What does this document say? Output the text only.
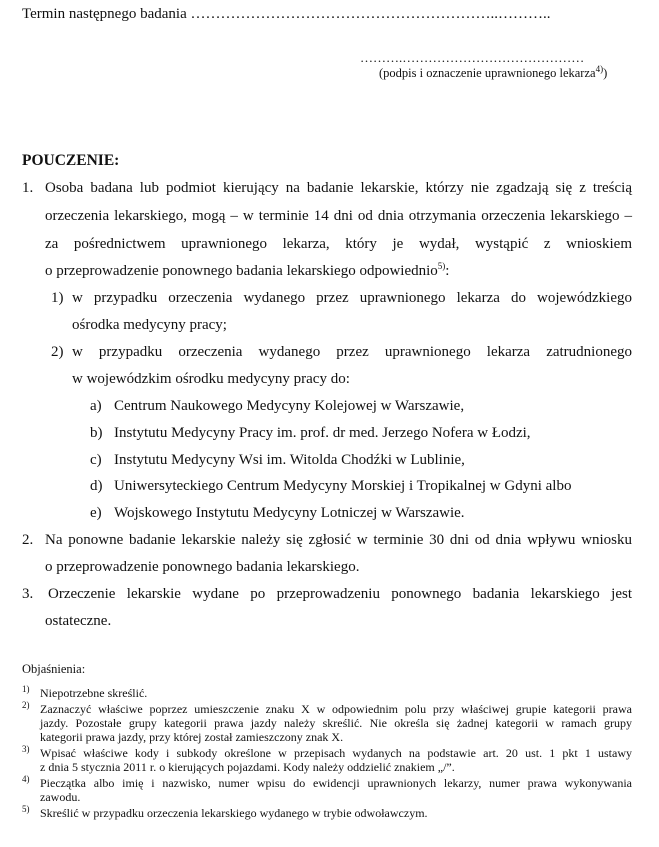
Termin następnego badania ……………………………………………………..………..
……….……………………………………
(podpis i oznaczenie uprawnionego lekarza$^{4)}$)
POUCZENIE:
1. Osoba badana lub podmiot kierujący na badanie lekarskie, którzy nie zgadzają się z treścią
orzeczenia lekarskiego, mogą – w terminie 14 dni od dnia otrzymania orzeczenia lekarskiego –
za pośrednictwem uprawnionego lekarza, który je wydał, wystąpić z wnioskiem
o przeprowadzenie ponownego badania lekarskiego odpowiednio$^{5)}$:
1) w przypadku orzeczenia wydanego przez uprawnionego lekarza do wojewódzkiego
ośrodka medycyny pracy;
2) w przypadku orzeczenia wydanego przez uprawnionego lekarza zatrudnionego
w wojewódzkim ośrodku medycyny pracy do:
a) Centrum Naukowego Medycyny Kolejowej w Warszawie,
b) Instytutu Medycyny Pracy im. prof. dr med. Jerzego Nofera w Łodzi,
c) Instytutu Medycyny Wsi im. Witolda Chodźki w Lublinie,
d) Uniwersyteckiego Centrum Medycyny Morskiej i Tropikalnej w Gdyni albo
e) Wojskowego Instytutu Medycyny Lotniczej w Warszawie.
2. Na ponowne badanie lekarskie należy się zgłosić w terminie 30 dni od dnia wpływu wniosku
o przeprowadzenie ponownego badania lekarskiego.
3. Orzeczenie lekarskie wydane po przeprowadzeniu ponownego badania lekarskiego jest
ostateczne.
Objaśnienia:
1) Niepotrzebne skreślić.
2) Zaznaczyć właściwe poprzez umieszczenie znaku X w odpowiednim polu przy właściwej grupie kategorii prawa
jazdy. Pozostałe grupy kategorii prawa jazdy należy skreślić. Nie określa się żadnej kategorii w ramach grupy
kategorii prawa jazdy, przy której został zamieszczony znak X.
3) Wpisać właściwe kody i subkody określone w przepisach wydanych na podstawie art. 20 ust. 1 pkt 1 ustawy
z dnia 5 stycznia 2011 r. o kierujących pojazdami. Kody należy oddzielić znakiem „/”.
4) Pieczątka albo imię i nazwisko, numer wpisu do ewidencji uprawnionych lekarzy, numer prawa wykonywania
zawodu.
5) Skreślić w przypadku orzeczenia lekarskiego wydanego w trybie odwoławczym.
